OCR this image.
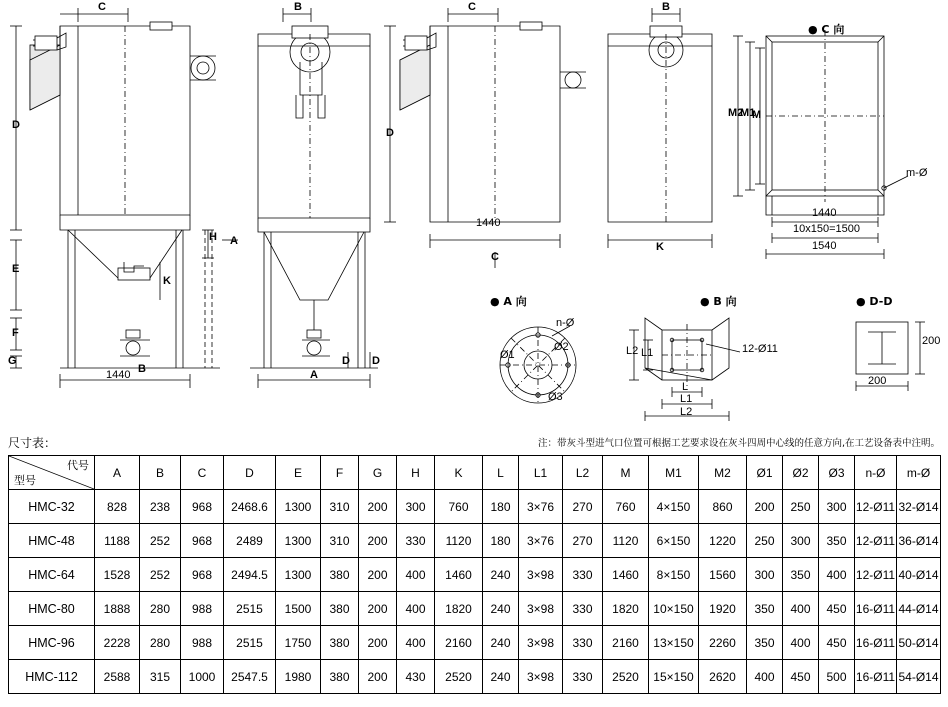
C
D
E
F
G
H A
K
B
1440
B
A
D D
C
D
1440
C
B
K
● C 向
M2
M1
M
1440
10x150=1500
1540
m-Ø
● A 向
n-Ø
Ø1
Ø2
Ø3
● B 向
L2 L1	12-Ø11
L
L1
L2
● D-D
200
200
尺寸表：	注：带灰斗型进气口位置可根据工艺要求设在灰斗四周中心线的任意方向,在工艺设备表中注明。
代号
型号	A	B	C	D	E	F	G	H	K	L	L1	L2	M	M1	M2	Ø1	Ø2	Ø3	n-Ø	m-Ø
HMC-32	828	238	968	2468.6	1300	310	200	300	760	180	3×76	270	760	4×150	860	200	250	300	12-Ø11	32-Ø14
HMC-48	1188	252	968	2489	1300	310	200	330	1120	180	3×76	270	1120	6×150	1220	250	300	350	12-Ø11	36-Ø14
HMC-64	1528	252	968	2494.5	1300	380	200	400	1460	240	3×98	330	1460	8×150	1560	300	350	400	12-Ø11	40-Ø14
HMC-80	1888	280	988	2515	1500	380	200	400	1820	240	3×98	330	1820	10×150	1920	350	400	450	16-Ø11	44-Ø14
HMC-96	2228	280	988	2515	1750	380	200	400	2160	240	3×98	330	2160	13×150	2260	350	400	450	16-Ø11	50-Ø14
HMC-112	2588	315	1000	2547.5	1980	380	200	430	2520	240	3×98	330	2520	15×150	2620	400	450	500	16-Ø11	54-Ø14
